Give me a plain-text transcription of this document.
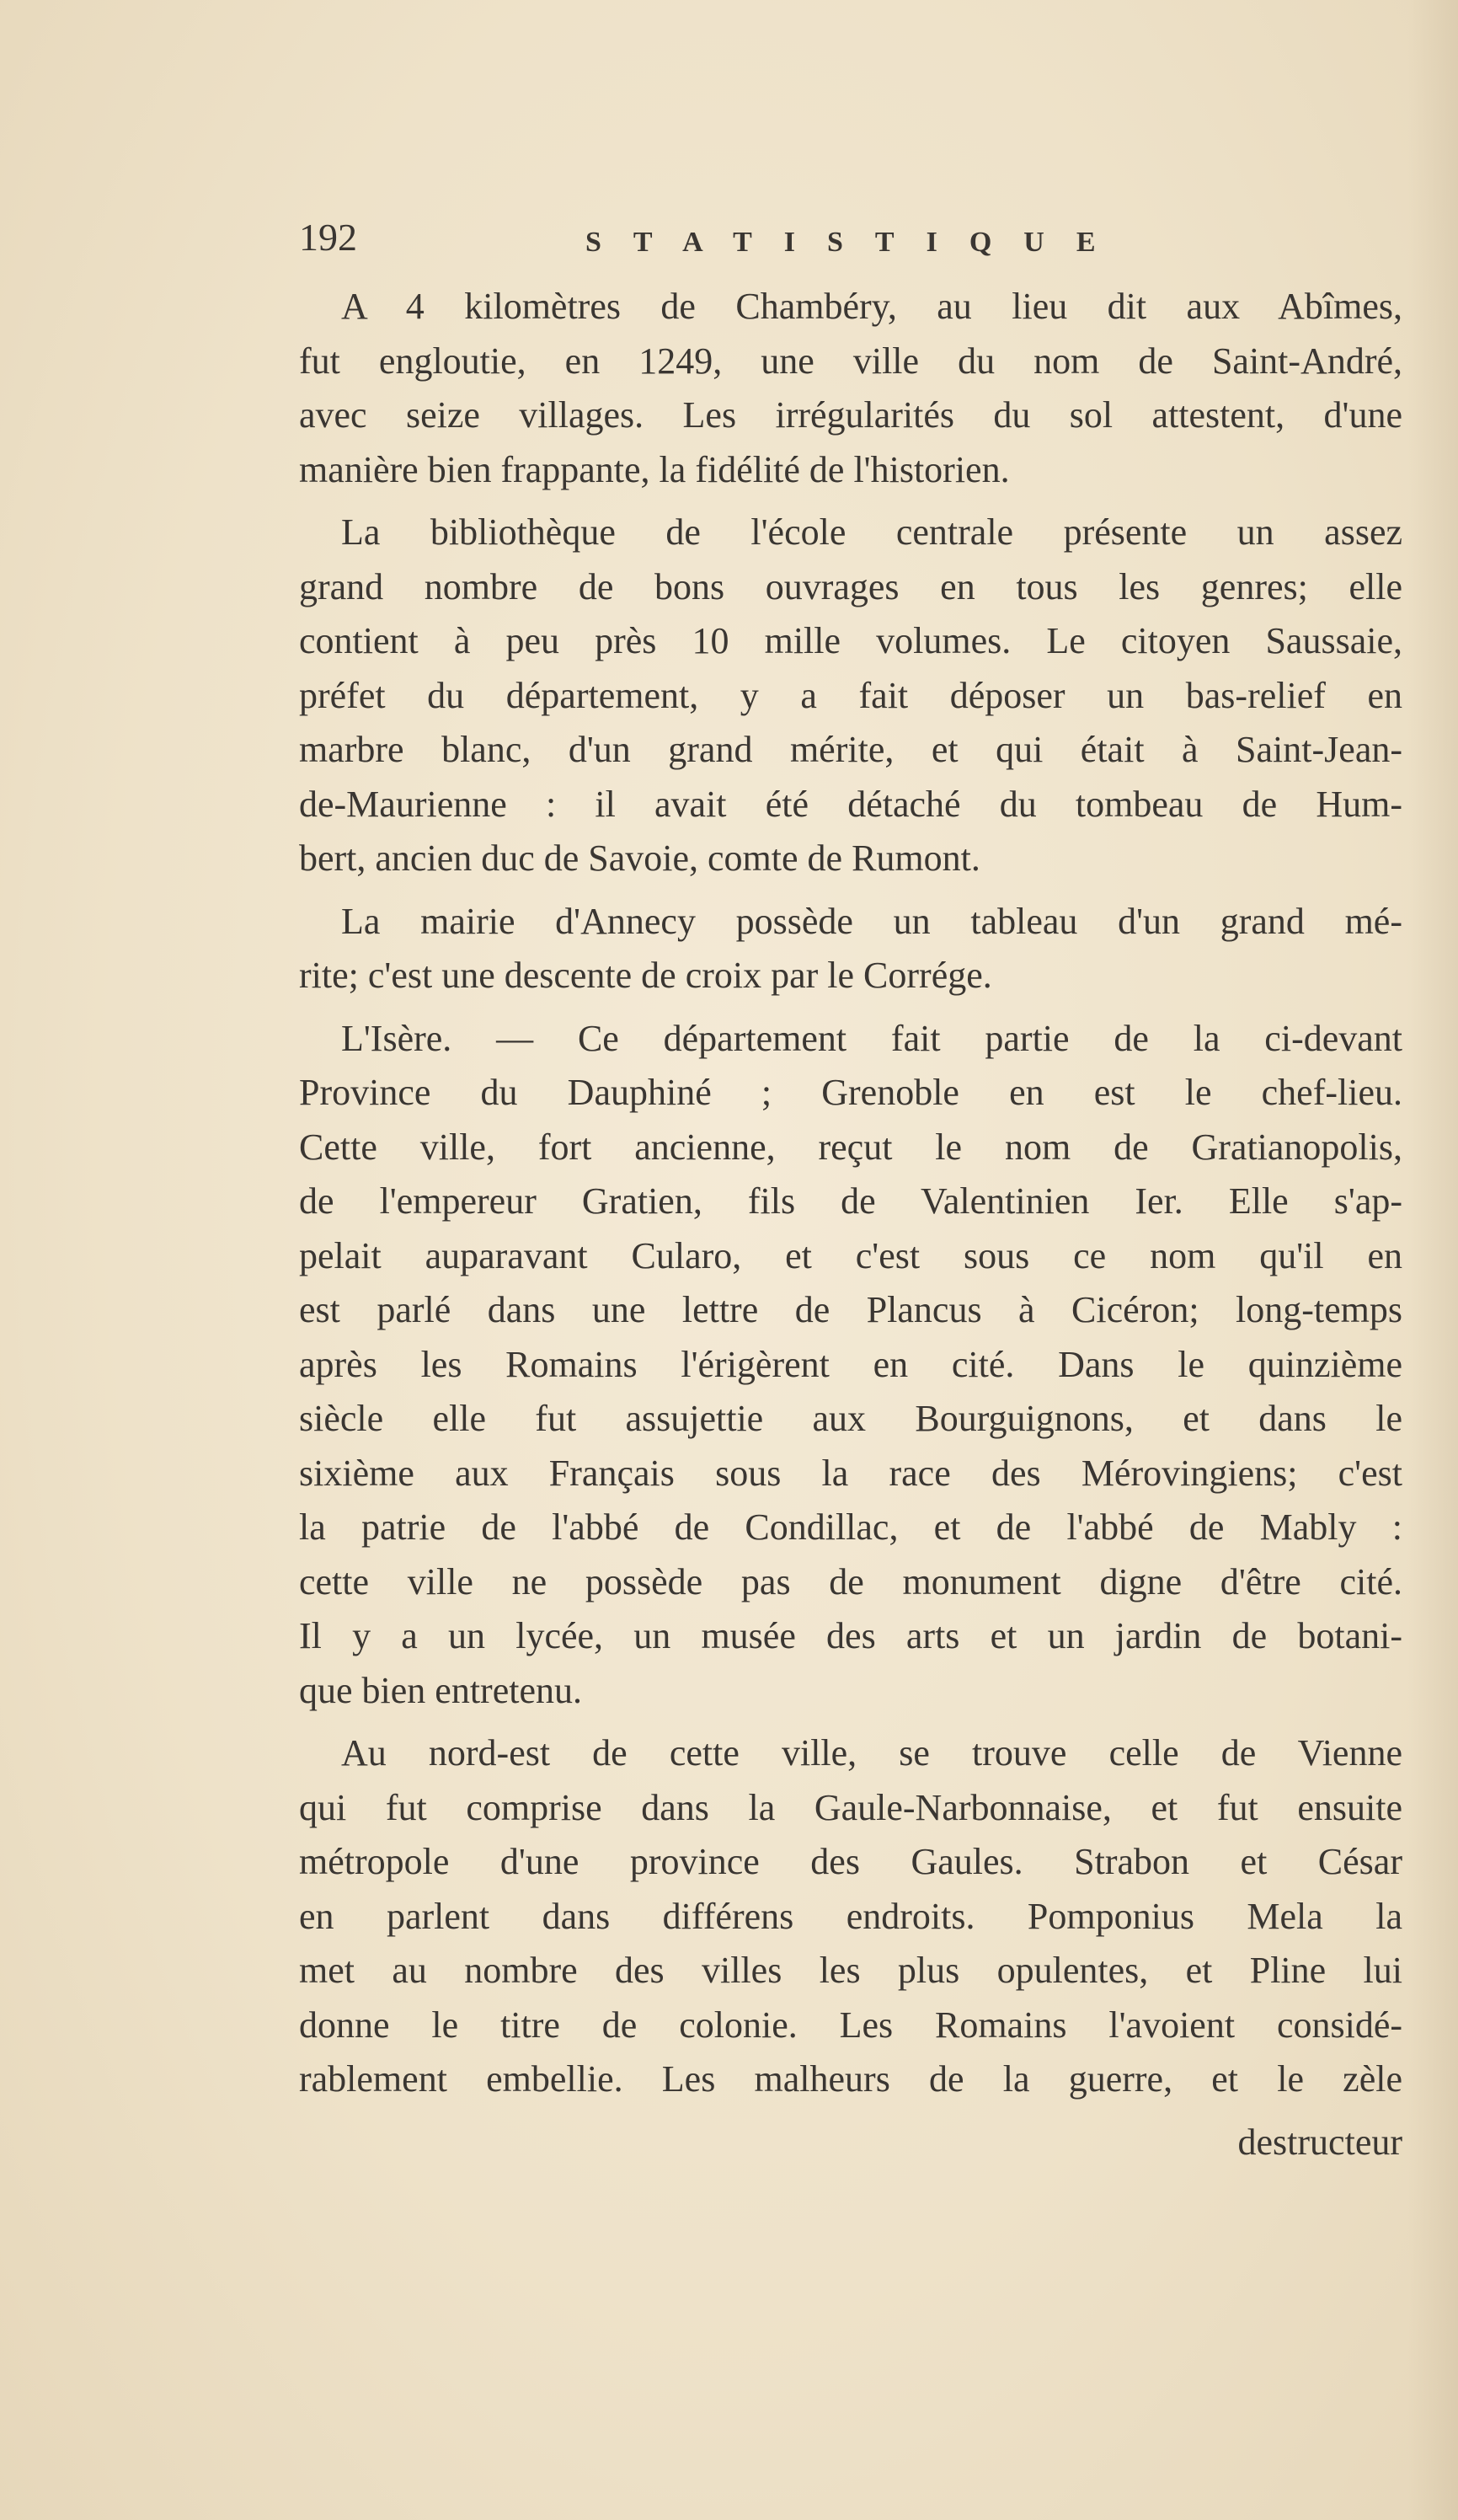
192	STATISTIQUE
A 4 kilomètres de Chambéry, au lieu dit aux Abîmes,
fut engloutie, en 1249, une ville du nom de Saint-André,
avec seize villages. Les irrégularités du sol attestent, d'une
manière bien frappante, la fidélité de l'historien.
La bibliothèque de l'école centrale présente un assez
grand nombre de bons ouvrages en tous les genres; elle
contient à peu près 10 mille volumes. Le citoyen Saussaie,
préfet du département, y a fait déposer un bas-relief en
marbre blanc, d'un grand mérite, et qui était à Saint-Jean-
de-Maurienne : il avait été détaché du tombeau de Hum-
bert, ancien duc de Savoie, comte de Rumont.
La mairie d'Annecy possède un tableau d'un grand mé-
rite; c'est une descente de croix par le Corrége.
L'Isère. — Ce département fait partie de la ci-devant
Province du Dauphiné ; Grenoble en est le chef-lieu.
Cette ville, fort ancienne, reçut le nom de Gratianopolis,
de l'empereur Gratien, fils de Valentinien Ier. Elle s'ap-
pelait auparavant Cularo, et c'est sous ce nom qu'il en
est parlé dans une lettre de Plancus à Cicéron; long-temps
après les Romains l'érigèrent en cité. Dans le quinzième
siècle elle fut assujettie aux Bourguignons, et dans le
sixième aux Français sous la race des Mérovingiens; c'est
la patrie de l'abbé de Condillac, et de l'abbé de Mably :
cette ville ne possède pas de monument digne d'être cité.
Il y a un lycée, un musée des arts et un jardin de botani-
que bien entretenu.
Au nord-est de cette ville, se trouve celle de Vienne
qui fut comprise dans la Gaule-Narbonnaise, et fut ensuite
métropole d'une province des Gaules. Strabon et César
en parlent dans différens endroits. Pomponius Mela la
met au nombre des villes les plus opulentes, et Pline lui
donne le titre de colonie. Les Romains l'avoient considé-
rablement embellie. Les malheurs de la guerre, et le zèle
destructeur
